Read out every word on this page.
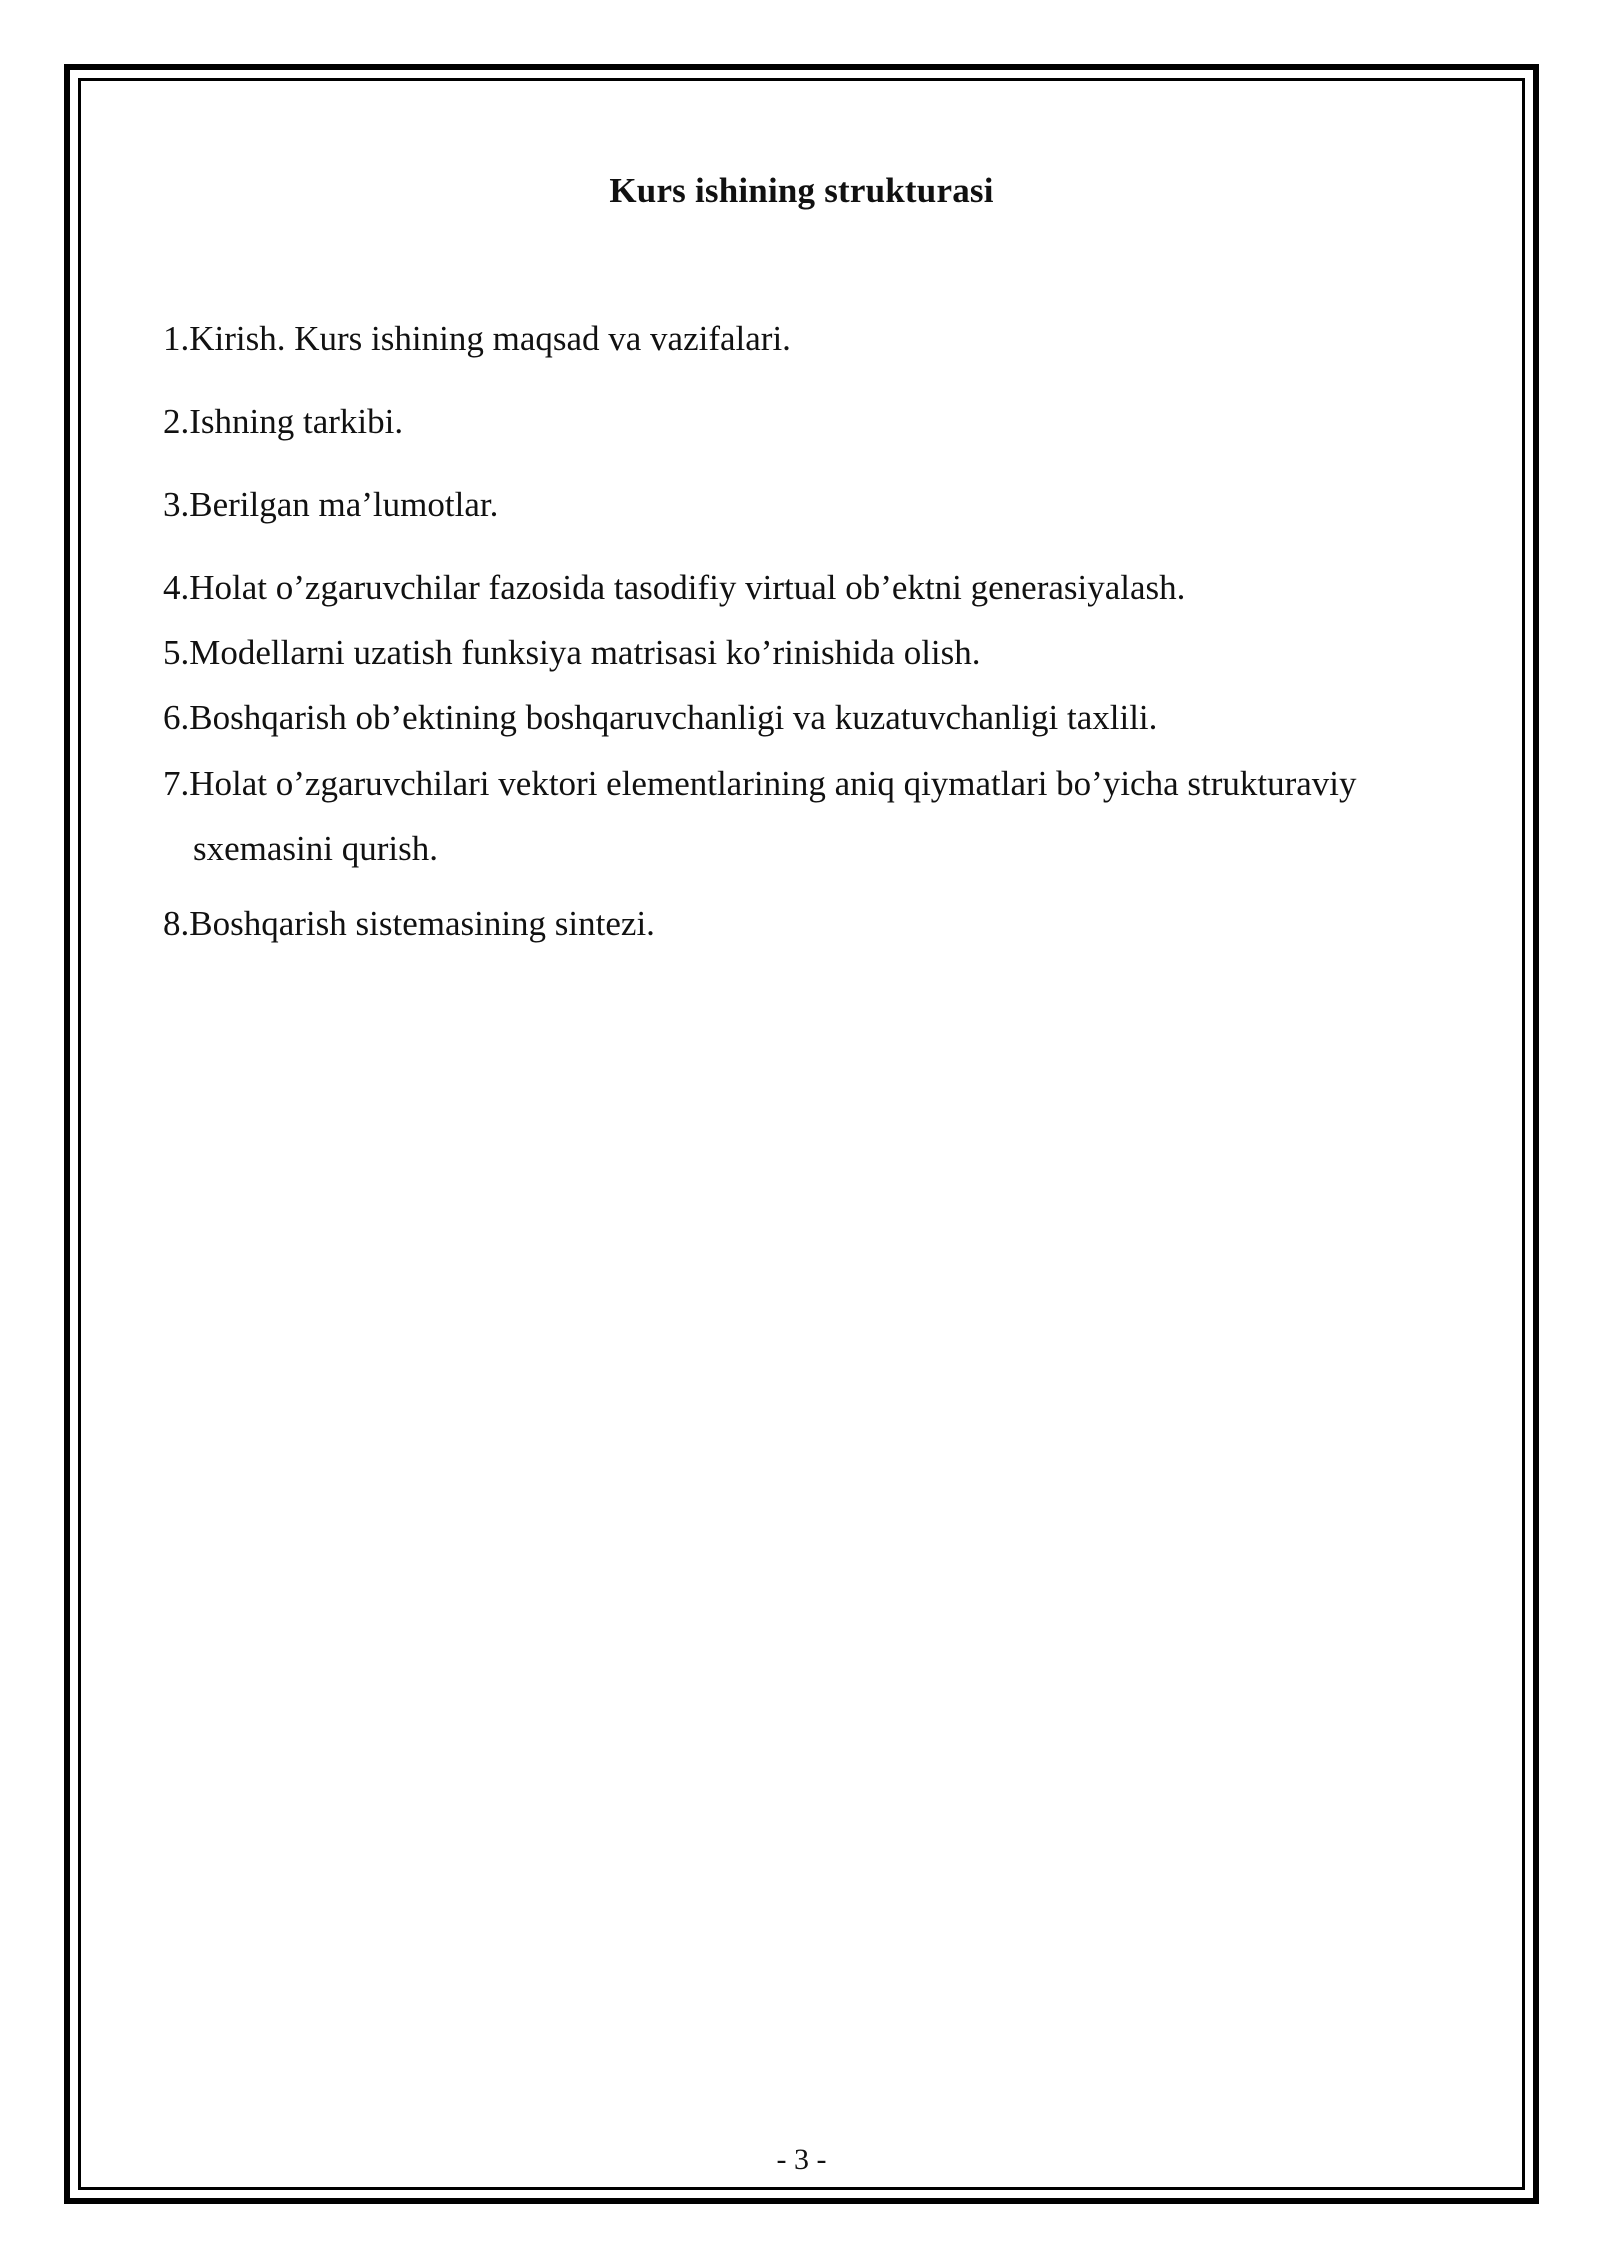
Kurs ishining strukturasi
1.Kirish. Kurs ishining maqsad va vazifalari.
2.Ishning tarkibi.
3.Berilgan ma’lumotlar.
4.Holat o’zgaruvchilar fazosida tasodifiy virtual ob’ektni generasiyalash.
5.Modellarni uzatish funksiya matrisasi ko’rinishida olish.
6.Boshqarish ob’ektining boshqaruvchanligi va kuzatuvchanligi taxlili.
7.Holat o’zgaruvchilari vektori elementlarining aniq qiymatlari bo’yicha strukturaviy sxemasini qurish.
8.Boshqarish sistemasining sintezi.
- 3 -
